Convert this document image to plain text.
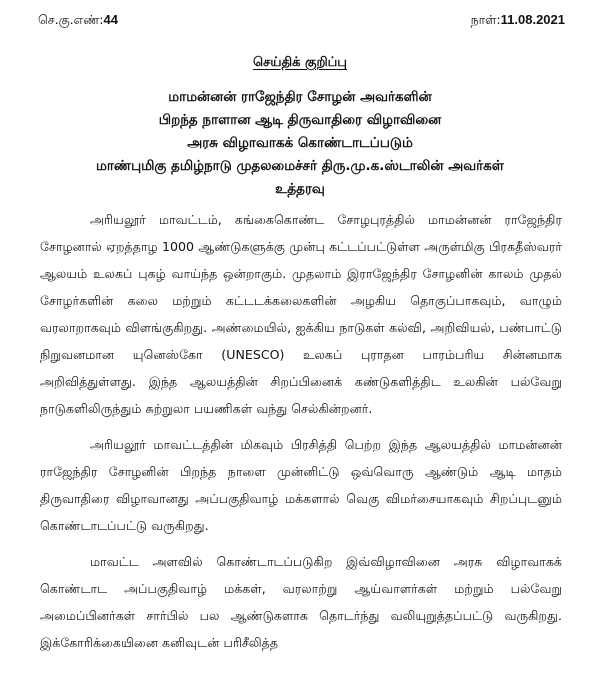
செ.கு.எண்:44	நாள்:11.08.2021
செய்திக் குறிப்பு
மாமன்னன் ராஜேந்திர சோழன் அவர்களின்
பிறந்த நாளான ஆடி திருவாதிரை விழாவினை
அரசு விழாவாகக் கொண்டாடப்படும்
மாண்புமிகு தமிழ்நாடு முதலமைச்சர் திரு.மு.க.ஸ்டாலின் அவர்கள்
உத்தரவு

அரியலூர் மாவட்டம், கங்கைகொண்ட சோழபுரத்தில் மாமன்னன் ராஜேந்திர சோழனால் ஏறத்தாழ 1000 ஆண்டுகளுக்கு முன்பு கட்டப்பட்டுள்ள அருள்மிகு பிரகதீஸ்வரர் ஆலயம் உலகப் புகழ் வாய்ந்த ஒன்றாகும். முதலாம் இராஜேந்திர சோழனின் காலம் முதல் சோழர்களின் கலை மற்றும் கட்டடக்கலைகளின் அழகிய தொகுப்பாகவும், வாழும் வரலாறாகவும் விளங்குகிறது. அண்மையில், ஐக்கிய நாடுகள் கல்வி, அறிவியல், பண்பாட்டு நிறுவனமான யுனெஸ்கோ (UNESCO) உலகப் புராதன பாரம்பரிய சின்னமாக அறிவித்துள்ளது. இந்த ஆலயத்தின் சிறப்பினைக் கண்டுகளித்திட உலகின் பல்வேறு நாடுகளிலிருந்தும் சுற்றுலா பயணிகள் வந்து செல்கின்றனர்.

அரியலூர் மாவட்டத்தின் மிகவும் பிரசித்தி பெற்ற இந்த ஆலயத்தில் மாமன்னன் ராஜேந்திர சோழனின் பிறந்த நாளை முன்னிட்டு ஒவ்வொரு ஆண்டும் ஆடி மாதம் திருவாதிரை விழாவானது அப்பகுதிவாழ் மக்களால் வெகு விமர்சையாகவும் சிறப்புடனும் கொண்டாடப்பட்டு வருகிறது.

மாவட்ட அளவில் கொண்டாடப்படுகிற இவ்விழாவினை அரசு விழாவாகக் கொண்டாட அப்பகுதிவாழ் மக்கள், வரலாற்று ஆய்வாளர்கள் மற்றும் பல்வேறு அமைப்பினர்கள் சார்பில் பல ஆண்டுகளாக தொடர்ந்து வலியுறுத்தப்பட்டு வருகிறது. இக்கோரிக்கையினை கனிவுடன் பரிசீலித்த
